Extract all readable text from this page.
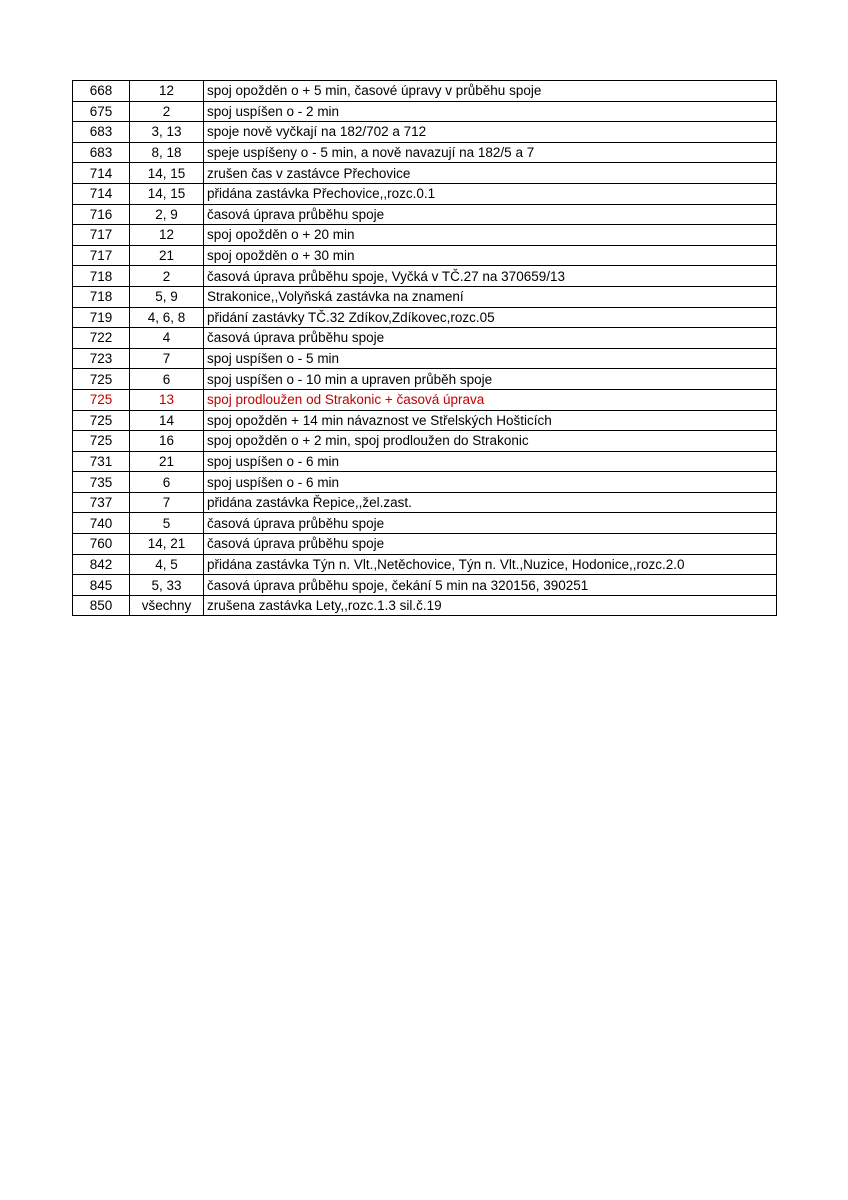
668	12	spoj opožděn o + 5 min, časové úpravy v průběhu spoje
675	2	spoj uspíšen o - 2 min
683	3, 13	spoje nově vyčkají na 182/702 a 712
683	8, 18	speje uspíšeny o - 5 min, a nově navazují na 182/5 a 7
714	14, 15	zrušen čas v zastávce Přechovice
714	14, 15	přidána zastávka Přechovice,,rozc.0.1
716	2, 9	časová úprava průběhu spoje
717	12	spoj opožděn o + 20 min
717	21	spoj opožděn o + 30 min
718	2	časová úprava průběhu spoje, Vyčká v TČ.27 na 370659/13
718	5, 9	Strakonice,,Volyňská zastávka na znamení
719	4, 6, 8	přidání zastávky TČ.32 Zdíkov,Zdíkovec,rozc.05
722	4	časová úprava průběhu spoje
723	7	spoj uspíšen o - 5 min
725	6	spoj uspíšen o - 10 min a upraven průběh spoje
725	13	spoj prodloužen od Strakonic + časová úprava
725	14	spoj opožděn + 14 min návaznost ve Střelských Hošticích
725	16	spoj opožděn o + 2 min, spoj prodloužen do Strakonic
731	21	spoj uspíšen o - 6 min
735	6	spoj uspíšen o - 6 min
737	7	přidána zastávka Řepice,,žel.zast.
740	5	časová úprava průběhu spoje
760	14, 21	časová úprava průběhu spoje
842	4, 5	přidána zastávka Týn n. Vlt.,Netěchovice, Týn n. Vlt.,Nuzice, Hodonice,,rozc.2.0
845	5, 33	časová úprava průběhu spoje, čekání 5 min na 320156, 390251
850	všechny	zrušena zastávka Lety,,rozc.1.3 sil.č.19
